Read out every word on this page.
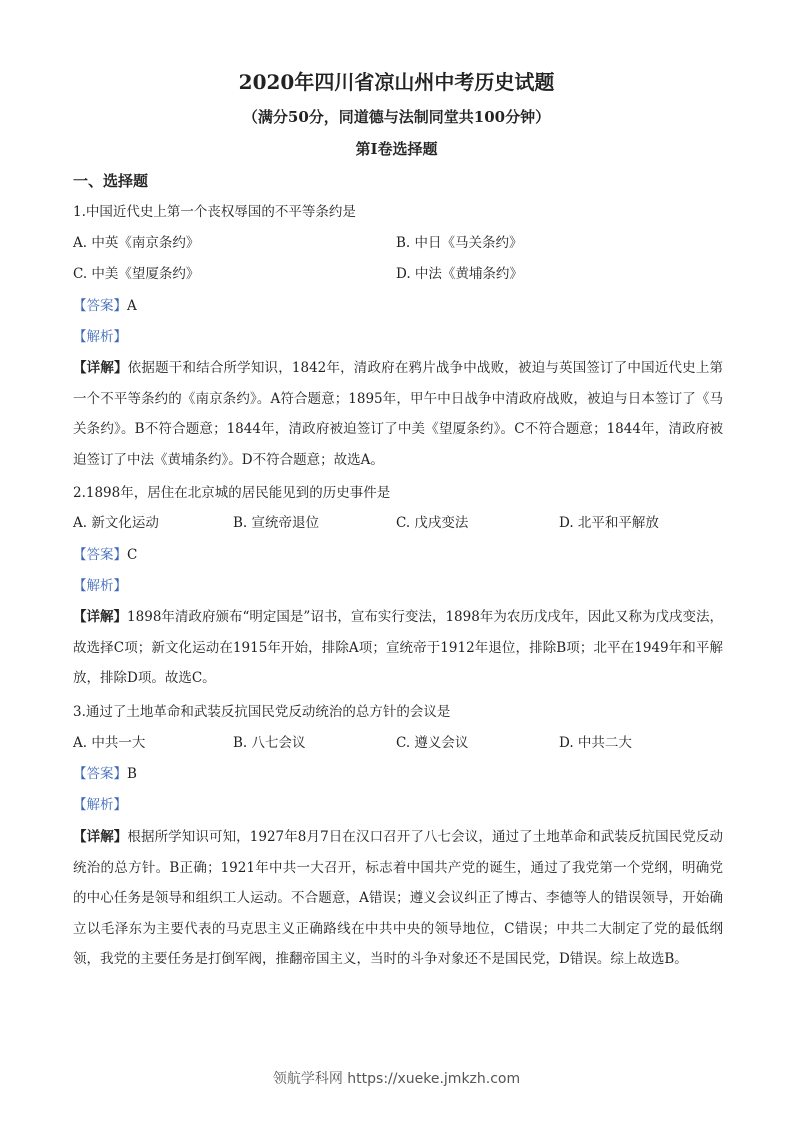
2020年四川省凉山州中考历史试题
（满分50分，同道德与法制同堂共100分钟）
第Ⅰ卷选择题
一、选择题
1.中国近代史上第一个丧权辱国的不平等条约是
A. 中英《南京条约》	B. 中日《马关条约》
C. 中美《望厦条约》	D. 中法《黄埔条约》
【答案】A
【解析】
【详解】依据题干和结合所学知识，1842年，清政府在鸦片战争中战败，被迫与英国签订了中国近代史上第一个不平等条约的《南京条约》。A符合题意；1895年，甲午中日战争中清政府战败，被迫与日本签订了《马关条约》。B不符合题意；1844年，清政府被迫签订了中美《望厦条约》。C不符合题意；1844年，清政府被迫签订了中法《黄埔条约》。D不符合题意；故选A。
2.1898年，居住在北京城的居民能见到的历史事件是
A. 新文化运动	B. 宣统帝退位	C. 戊戌变法	D. 北平和平解放
【答案】C
【解析】
【详解】1898年清政府颁布“明定国是”诏书，宣布实行变法，1898年为农历戊戌年，因此又称为戊戌变法，故选择C项；新文化运动在1915年开始，排除A项；宣统帝于1912年退位，排除B项；北平在1949年和平解放，排除D项。故选C。
3.通过了土地革命和武装反抗国民党反动统治的总方针的会议是
A. 中共一大	B. 八七会议	C. 遵义会议	D. 中共二大
【答案】B
【解析】
【详解】根据所学知识可知，1927年8月7日在汉口召开了八七会议，通过了土地革命和武装反抗国民党反动统治的总方针。B正确；1921年中共一大召开，标志着中国共产党的诞生，通过了我党第一个党纲，明确党的中心任务是领导和组织工人运动。不合题意，A错误；遵义会议纠正了博古、李德等人的错误领导，开始确立以毛泽东为主要代表的马克思主义正确路线在中共中央的领导地位，C错误；中共二大制定了党的最低纲领，我党的主要任务是打倒军阀，推翻帝国主义，当时的斗争对象还不是国民党，D错误。综上故选B。
领航学科网 https://xueke.jmkzh.com
